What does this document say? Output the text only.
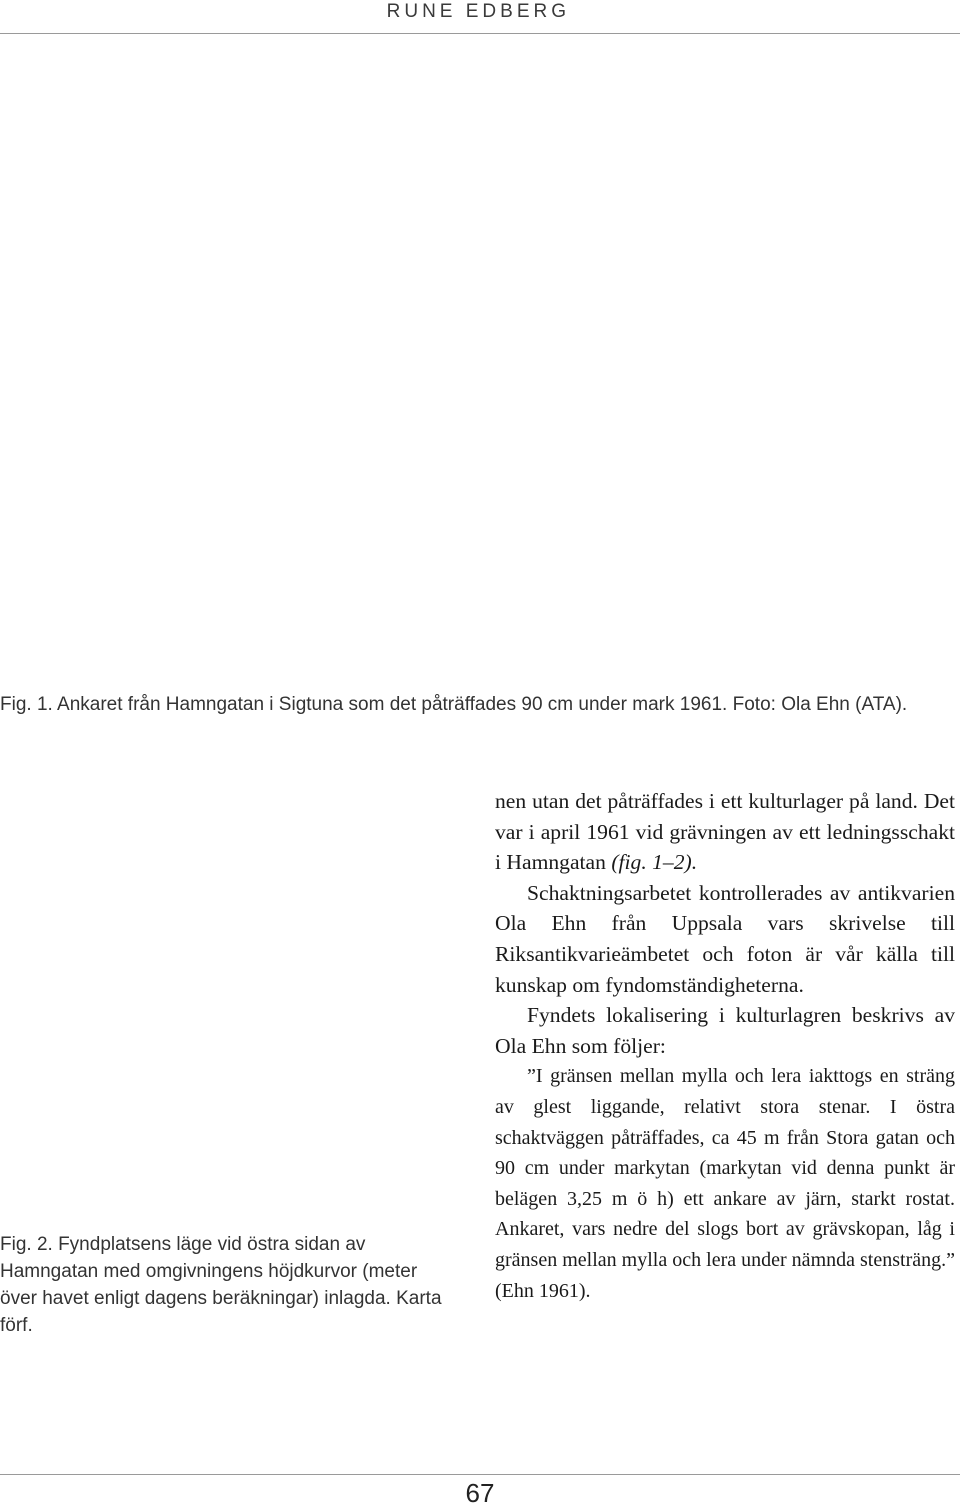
RUNE EDBERG

Fig. 1. Ankaret från Hamngatan i Sigtuna som det påträffades 90 cm under mark 1961. Foto: Ola Ehn (ATA).

Fig. 2. Fyndplatsens läge vid östra sidan av Hamngatan med omgivningens höjdkurvor (meter över havet enligt dagens beräkningar) inlagda. Karta förf.

nen utan det påträffades i ett kulturlager på land. Det var i april 1961 vid grävningen av ett ledningsschakt i Hamngatan (fig. 1–2).

Schaktningsarbetet kontrollerades av antikvarien Ola Ehn från Uppsala vars skrivelse till Riksantikvarieämbetet och foton är vår källa till kunskap om fyndomständigheterna.

Fyndets lokalisering i kulturlagren beskrivs av Ola Ehn som följer:

”I gränsen mellan mylla och lera iakttogs en sträng av glest liggande, relativt stora stenar. I östra schaktväggen påträffades, ca 45 m från Stora gatan och 90 cm under markytan (markytan vid denna punkt är belägen 3,25 m ö h) ett ankare av järn, starkt rostat. Ankaret, vars nedre del slogs bort av grävskopan, låg i gränsen mellan mylla och lera under nämnda stensträng.” (Ehn 1961).

67
